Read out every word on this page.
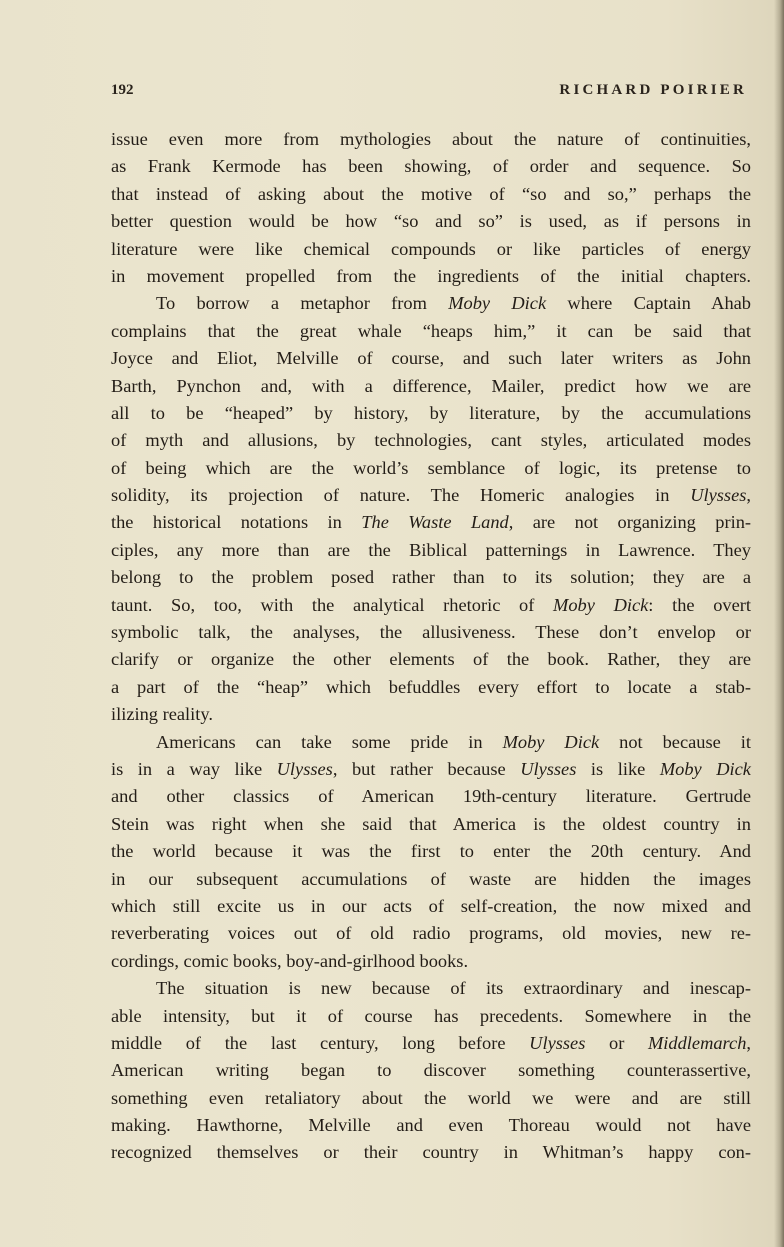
192	RICHARD POIRIER
issue even more from mythologies about the nature of continuities,
as Frank Kermode has been showing, of order and sequence. So
that instead of asking about the motive of “so and so,” perhaps the
better question would be how “so and so” is used, as if persons in
literature were like chemical compounds or like particles of energy
in movement propelled from the ingredients of the initial chapters.
To borrow a metaphor from Moby Dick where Captain Ahab
complains that the great whale “heaps him,” it can be said that
Joyce and Eliot, Melville of course, and such later writers as John
Barth, Pynchon and, with a difference, Mailer, predict how we are
all to be “heaped” by history, by literature, by the accumulations
of myth and allusions, by technologies, cant styles, articulated modes
of being which are the world’s semblance of logic, its pretense to
solidity, its projection of nature. The Homeric analogies in Ulysses,
the historical notations in The Waste Land, are not organizing prin-
ciples, any more than are the Biblical patternings in Lawrence. They
belong to the problem posed rather than to its solution; they are a
taunt. So, too, with the analytical rhetoric of Moby Dick: the overt
symbolic talk, the analyses, the allusiveness. These don’t envelop or
clarify or organize the other elements of the book. Rather, they are
a part of the “heap” which befuddles every effort to locate a stab-
ilizing reality.
Americans can take some pride in Moby Dick not because it
is in a way like Ulysses, but rather because Ulysses is like Moby Dick
and other classics of American 19th-century literature. Gertrude
Stein was right when she said that America is the oldest country in
the world because it was the first to enter the 20th century. And
in our subsequent accumulations of waste are hidden the images
which still excite us in our acts of self-creation, the now mixed and
reverberating voices out of old radio programs, old movies, new re-
cordings, comic books, boy-and-girlhood books.
The situation is new because of its extraordinary and inescap-
able intensity, but it of course has precedents. Somewhere in the
middle of the last century, long before Ulysses or Middlemarch,
American writing began to discover something counterassertive,
something even retaliatory about the world we were and are still
making. Hawthorne, Melville and even Thoreau would not have
recognized themselves or their country in Whitman’s happy con-
